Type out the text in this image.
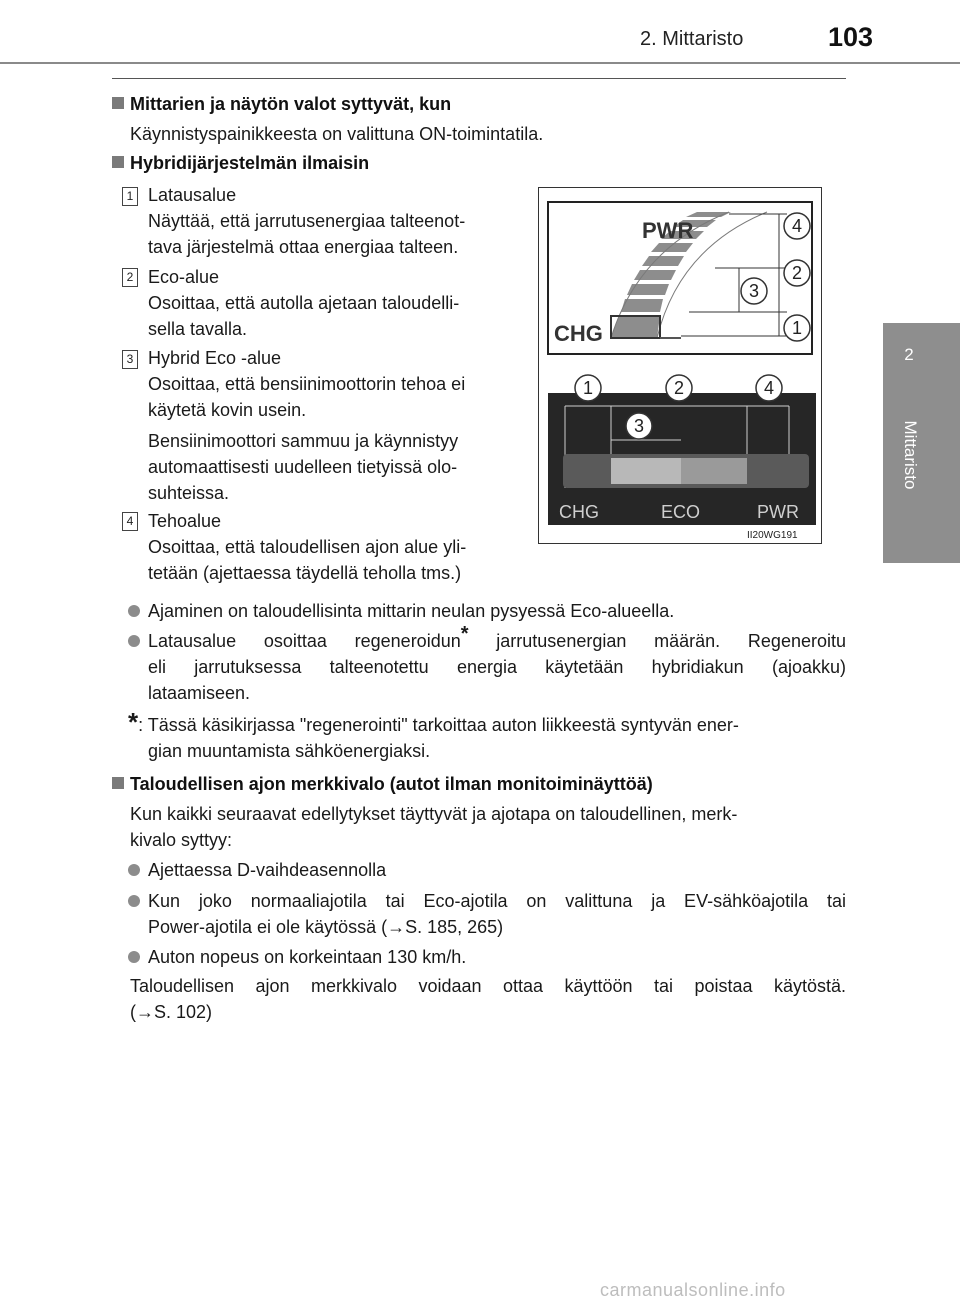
2. Mittaristo	103
2
Mittaristo
Mittarien ja näytön valot syttyvät, kun
Käynnistyspainikkeesta on valittuna ON-toimintatila.
Hybridijärjestelmän ilmaisin
1 Latausalue
Näyttää, että jarrutusenergiaa talteenot-
tava järjestelmä ottaa energiaa talteen.
2 Eco-alue
Osoittaa, että autolla ajetaan taloudelli-
sella tavalla.
3 Hybrid Eco -alue
Osoittaa, että bensiinimoottorin tehoa ei
käytetä kovin usein.
Bensiinimoottori sammuu ja käynnistyy
automaattisesti uudelleen tietyissä olo-
suhteissa.
4 Tehoalue
Osoittaa, että taloudellisen ajon alue yli-
tetään (ajettaessa täydellä teholla tms.)
PWR
CHG
4
2
3
1
1	2	4
3
CHG	ECO	PWR
II20WG191
Ajaminen on taloudellisinta mittarin neulan pysyessä Eco-alueella.
Latausalue osoittaa regeneroidun* jarrutusenergian määrän. Regeneroitu
eli jarrutuksessa talteenotettu energia käytetään hybridiakun (ajoakku)
lataamiseen.
*: Tässä käsikirjassa "regenerointi" tarkoittaa auton liikkeestä syntyvän ener-
gian muuntamista sähköenergiaksi.
Taloudellisen ajon merkkivalo (autot ilman monitoiminäyttöä)
Kun kaikki seuraavat edellytykset täyttyvät ja ajotapa on taloudellinen, merk-
kivalo syttyy:
Ajettaessa D-vaihdeasennolla
Kun joko normaaliajotila tai Eco-ajotila on valittuna ja EV-sähköajotila tai
Power-ajotila ei ole käytössä (→S. 185, 265)
Auton nopeus on korkeintaan 130 km/h.
Taloudellisen ajon merkkivalo voidaan ottaa käyttöön tai poistaa käytöstä.
(→S. 102)
carmanualsonline.info
